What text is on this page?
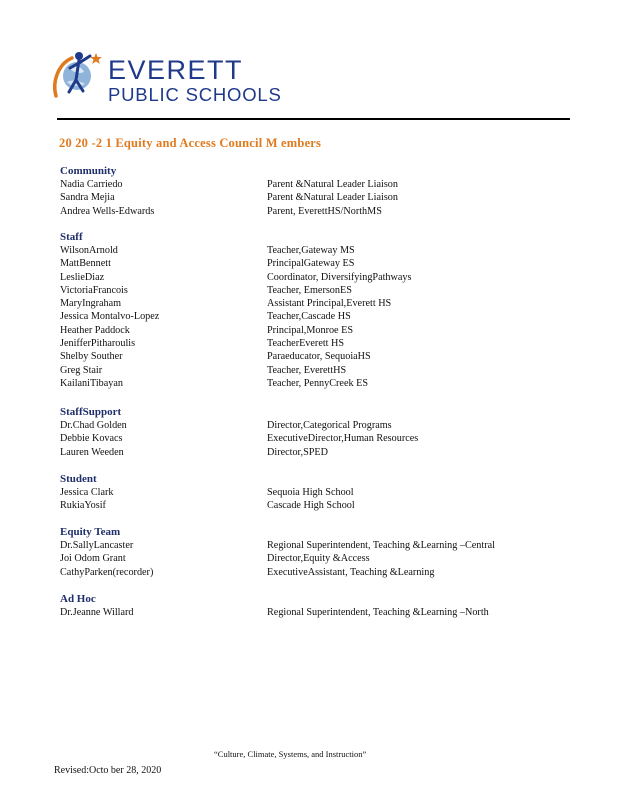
EVERETT
PUBLIC SCHOOLS
20 20 -2 1 Equity and Access Council M embers
Community
Nadia Carriedo	Parent &Natural Leader Liaison
Sandra Mejia	Parent &Natural Leader Liaison
Andrea Wells-Edwards	Parent, EverettHS/NorthMS
Staff
WilsonArnold	Teacher,Gateway MS
MattBennett	PrincipalGateway ES
LeslieDiaz	Coordinator, DiversifyingPathways
VictoriaFrancois	Teacher, EmersonES
MaryIngraham	Assistant Principal,Everett HS
Jessica Montalvo-Lopez	Teacher,Cascade HS
Heather Paddock	Principal,Monroe ES
JenifferPitharoulis	TeacherEverett HS
Shelby Souther	Paraeducator, SequoiaHS
Greg Stair	Teacher, EverettHS
KailaniTibayan	Teacher, PennyCreek ES
StaffSupport
Dr.Chad Golden	Director,Categorical Programs
Debbie Kovacs	ExecutiveDirector,Human Resources
Lauren Weeden	Director,SPED
Student
Jessica Clark	Sequoia High School
RukiaYosif	Cascade High School
Equity Team
Dr.SallyLancaster	Regional Superintendent, Teaching &Learning –Central
Joi Odom Grant	Director,Equity &Access
CathyParken(recorder)	ExecutiveAssistant, Teaching &Learning
Ad Hoc
Dr.Jeanne Willard	Regional Superintendent, Teaching &Learning –North
“Culture, Climate, Systems, and Instruction”
Revised:Octo ber 28, 2020
